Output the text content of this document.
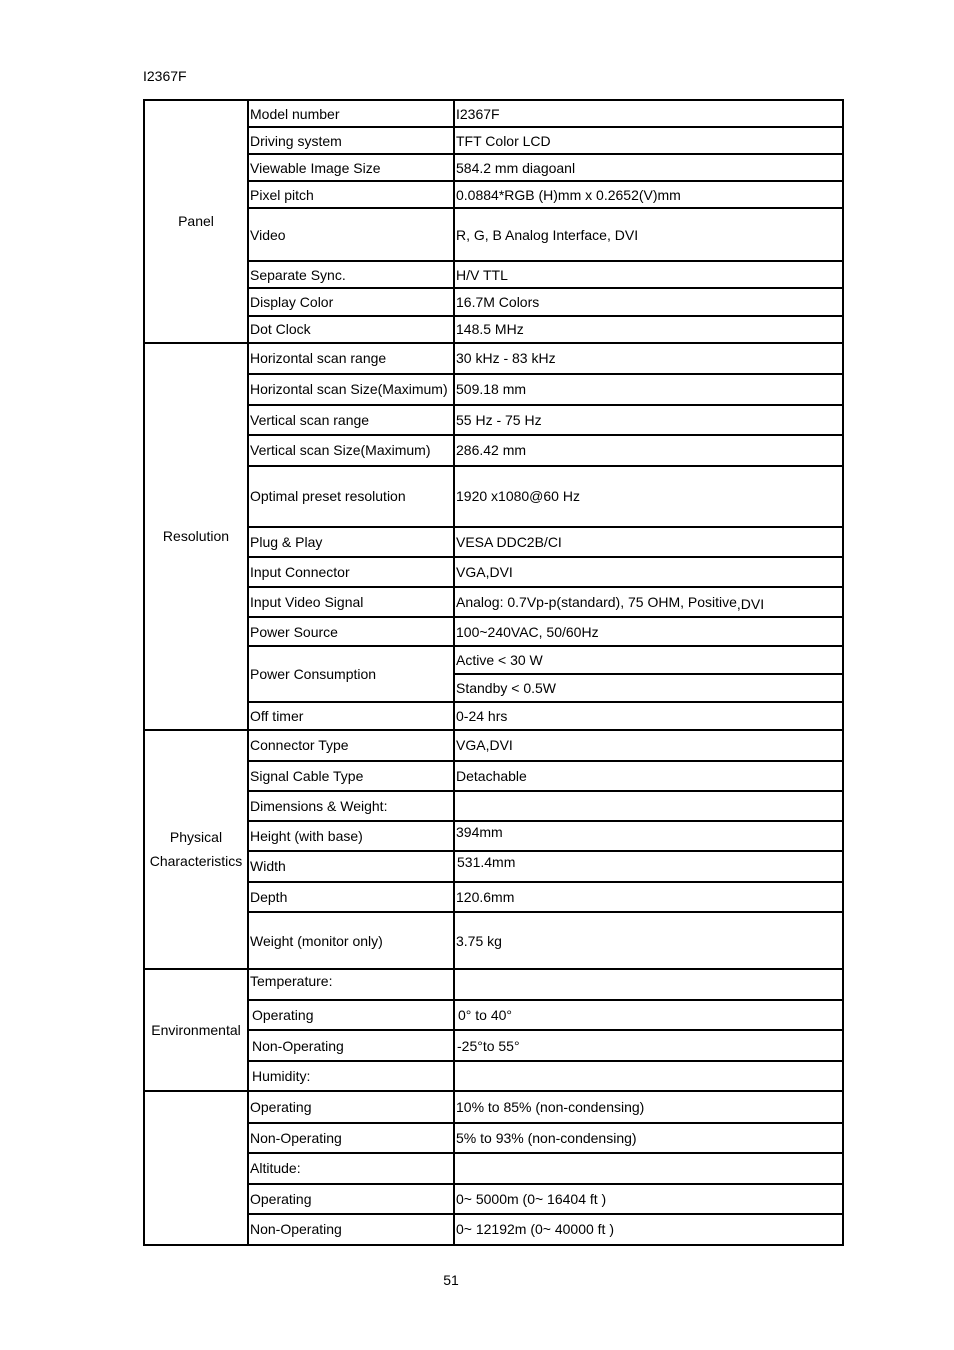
I2367F
Panel	Model number	I2367F
	Driving system	TFT Color LCD
	Viewable Image Size	584.2 mm diagoanl
	Pixel pitch	0.0884*RGB (H)mm x 0.2652(V)mm
	Video	R, G, B Analog Interface, DVI
	Separate Sync.	H/V TTL
	Display Color	16.7M Colors
	Dot Clock	148.5 MHz
Resolution	Horizontal scan range	30 kHz - 83 kHz
	Horizontal scan Size(Maximum)	509.18 mm
	Vertical scan range	55 Hz - 75 Hz
	Vertical scan Size(Maximum)	286.42 mm
	Optimal preset resolution	1920 x1080@60 Hz
	Plug & Play	VESA DDC2B/CI
	Input Connector	VGA,DVI
	Input Video Signal	Analog: 0.7Vp-p(standard), 75 OHM, Positive,DVI
	Power Source	100~240VAC, 50/60Hz
	Power Consumption	Active < 30 W
		Standby < 0.5W
	Off timer	0-24 hrs
Physical
Characteristics	Connector Type	VGA,DVI
	Signal Cable Type	Detachable
	Dimensions & Weight:	
	Height (with base)	394mm
	Width	531.4mm
	Depth	120.6mm
	Weight (monitor only)	3.75 kg
Environmental	Temperature:	
	Operating	0° to 40°
	Non-Operating	-25°to 55°
	Humidity:	
	Operating	10% to 85% (non-condensing)
	Non-Operating	5% to 93% (non-condensing)
	Altitude:	
	Operating	0~ 5000m (0~ 16404 ft )
	Non-Operating	0~ 12192m (0~ 40000 ft )
51
